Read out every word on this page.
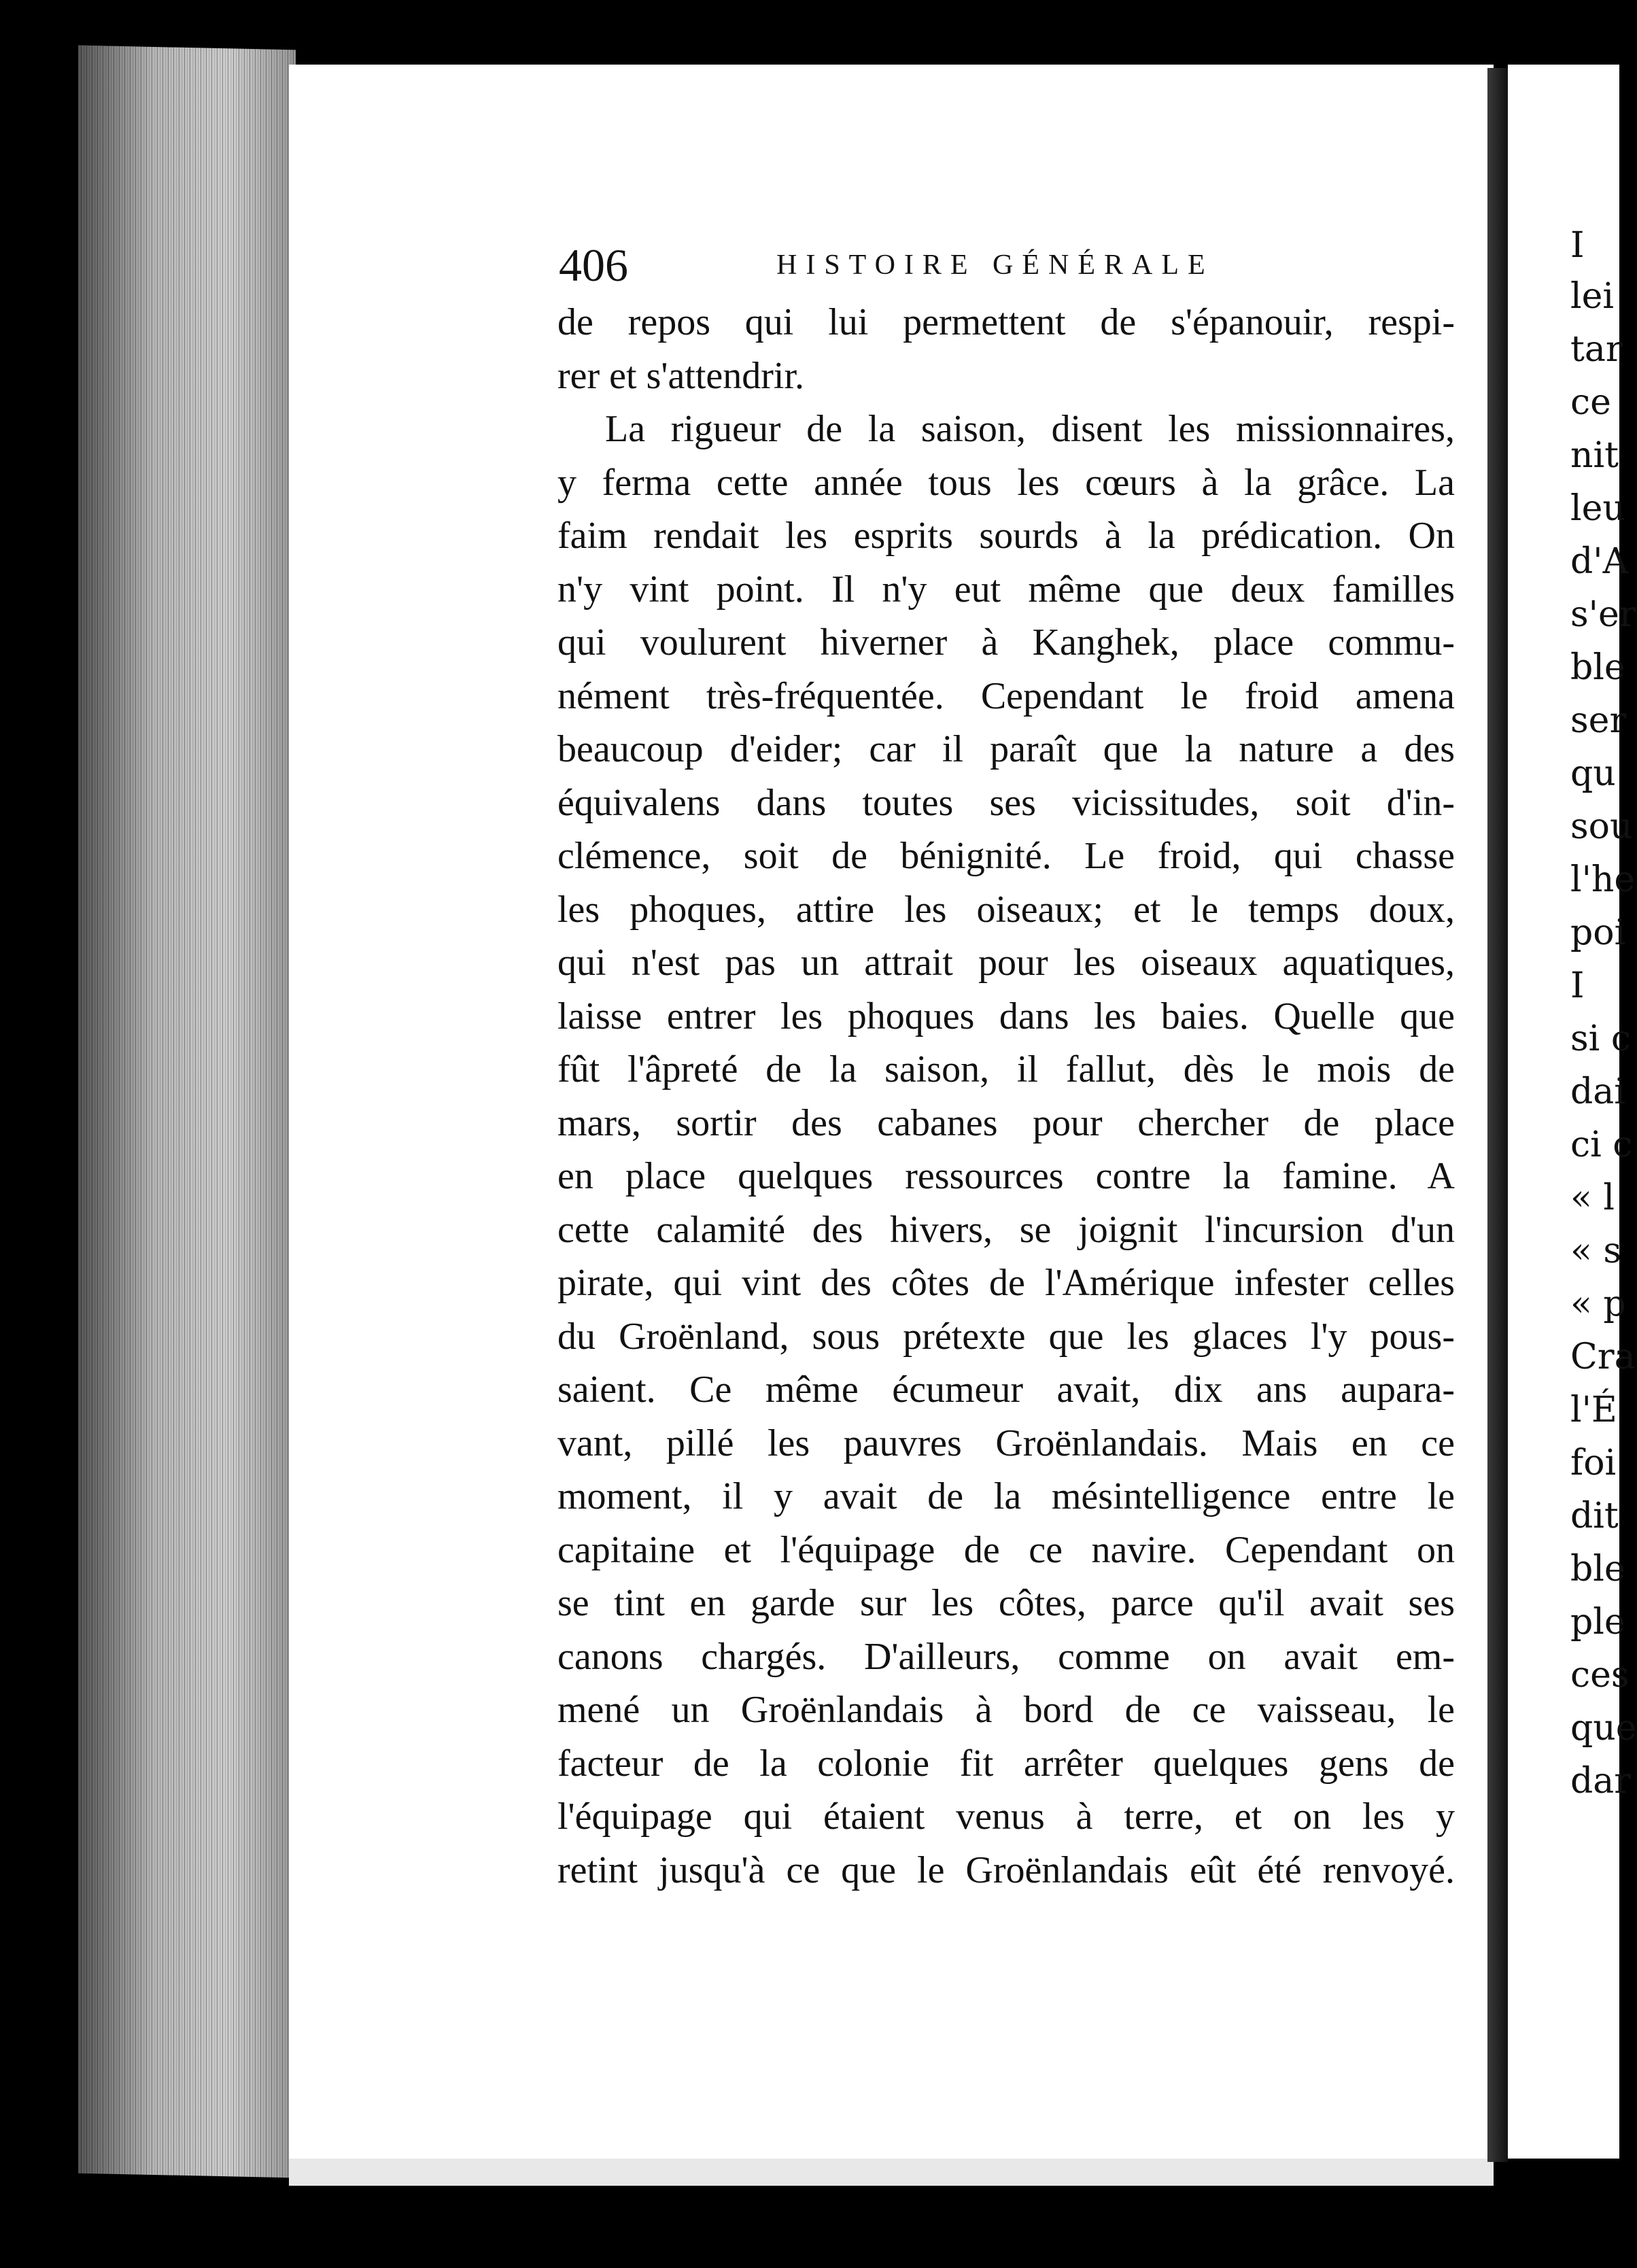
I
lei
tar
ce
nit
leu
d'A
s'er
ble
ser
qu
sou
l'he
poi
I
si c
dai
ci c
« l
« s
« p
Cra
l'É
foi
dit
ble
ple
ces
que
dar
406	HISTOIRE GÉNÉRALE
de repos qui lui permettent de s'épanouir, respi-
rer et s'attendrir.
La rigueur de la saison, disent les missionnaires,
y ferma cette année tous les cœurs à la grâce. La
faim rendait les esprits sourds à la prédication. On
n'y vint point. Il n'y eut même que deux familles
qui voulurent hiverner à Kanghek, place commu-
nément très-fréquentée. Cependant le froid amena
beaucoup d'eider; car il paraît que la nature a des
équivalens dans toutes ses vicissitudes, soit d'in-
clémence, soit de bénignité. Le froid, qui chasse
les phoques, attire les oiseaux; et le temps doux,
qui n'est pas un attrait pour les oiseaux aquatiques,
laisse entrer les phoques dans les baies. Quelle que
fût l'âpreté de la saison, il fallut, dès le mois de
mars, sortir des cabanes pour chercher de place
en place quelques ressources contre la famine. A
cette calamité des hivers, se joignit l'incursion d'un
pirate, qui vint des côtes de l'Amérique infester celles
du Groënland, sous prétexte que les glaces l'y pous-
saient. Ce même écumeur avait, dix ans aupara-
vant, pillé les pauvres Groënlandais. Mais en ce
moment, il y avait de la mésintelligence entre le
capitaine et l'équipage de ce navire. Cependant on
se tint en garde sur les côtes, parce qu'il avait ses
canons chargés. D'ailleurs, comme on avait em-
mené un Groënlandais à bord de ce vaisseau, le
facteur de la colonie fit arrêter quelques gens de
l'équipage qui étaient venus à terre, et on les y
retint jusqu'à ce que le Groënlandais eût été renvoyé.
